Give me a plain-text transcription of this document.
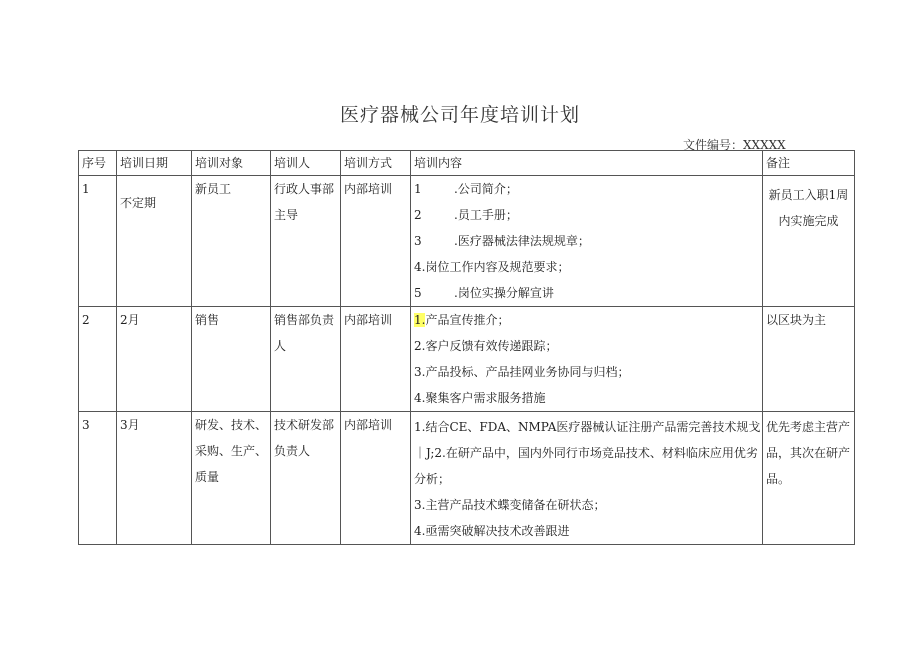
医疗器械公司年度培训计划
文件编号：XXXXX
序号	培训日期	培训对象	培训人	培训方式	培训内容	备注
1	不定期	新员工	行政人事部
主导	内部培训	1 .公司简介；
2 .员工手册；
3 .医疗器械法律法规规章；
4.岗位工作内容及规范要求；
5 .岗位实操分解宣讲	新员工入职1周
内实施完成

2	2月	销售	销售部负责
人	内部培训	1.产品宣传推介；
2.客户反馈有效传递跟踪；
3.产品投标、产品挂网业务协同与归档；
4.聚集客户需求服务措施	以区块为主
3	3月	研发、技术、
采购、生产、
质量	技术研发部
负责人	内部培训	1.结合CE、FDA、NMPA医疗器械认证注册产品需完善技术规戈
｜J;2.在研产品中，国内外同行市场竞品技术、材料临床应用优劣
分析；
3.主营产品技术蝶变储备在研状态；
4.亟需突破解决技术改善跟进	优先考虑主营产
品，其次在研产
品。
